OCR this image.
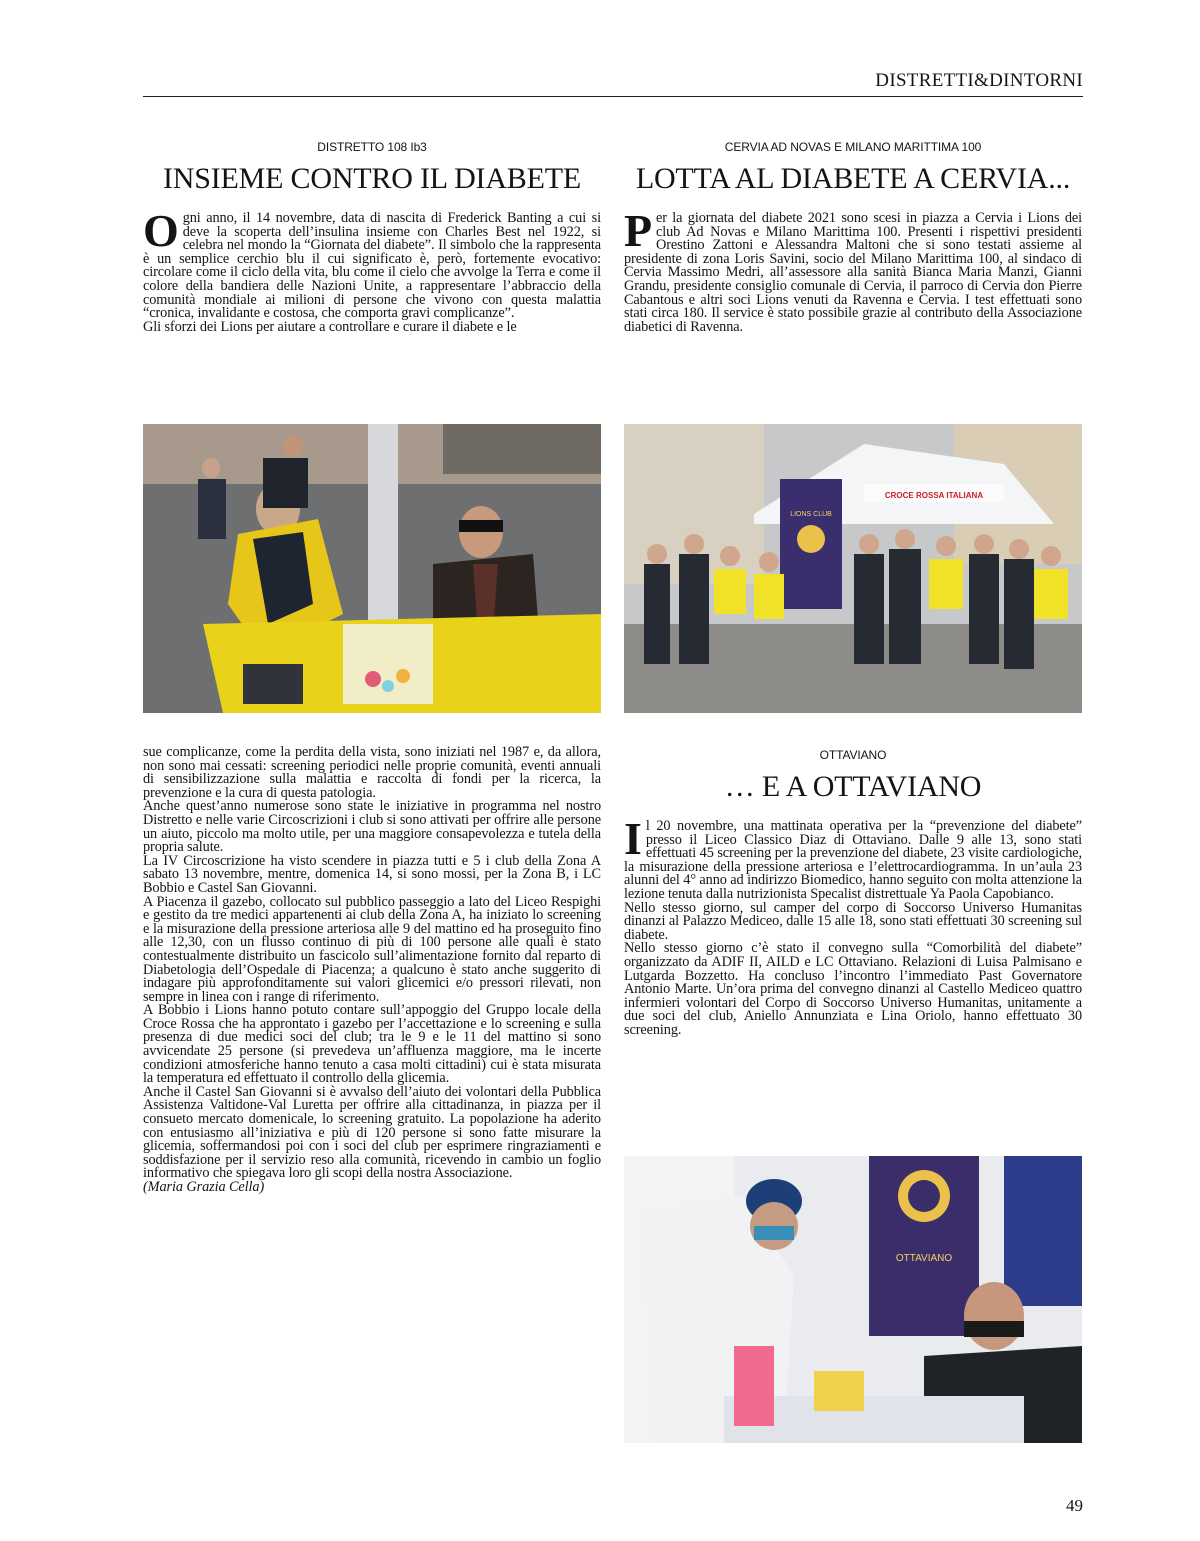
DISTRETTI&DINTORNI
DISTRETTO 108 Ib3
INSIEME CONTRO IL DIABETE

Ogni anno, il 14 novembre, data di nascita di Frederick Banting a cui si deve la scoperta dell’insulina insieme con Charles Best nel 1922, si celebra nel mondo la “Giornata del diabete”. Il simbolo che la rappresenta è un semplice cerchio blu il cui significato è, però, fortemente evocativo: circolare come il ciclo della vita, blu come il cielo che avvolge la Terra e come il colore della bandiera delle Nazioni Unite, a rappresentare l’abbraccio della comunità mondiale ai milioni di persone che vivono con questa malattia “cronica, invalidante e costosa, che comporta gravi complicanze”.

Gli sforzi dei Lions per aiutare a controllare e curare il diabete e le

sue complicanze, come la perdita della vista, sono iniziati nel 1987 e, da allora, non sono mai cessati: screening periodici nelle proprie comunità, eventi annuali di sensibilizzazione sulla malattia e raccolta di fondi per la ricerca, la prevenzione e la cura di questa patologia.

Anche quest’anno numerose sono state le iniziative in programma nel nostro Distretto e nelle varie Circoscrizioni i club si sono attivati per offrire alle persone un aiuto, piccolo ma molto utile, per una maggiore consapevolezza e tutela della propria salute.

La IV Circoscrizione ha visto scendere in piazza tutti e 5 i club della Zona A sabato 13 novembre, mentre, domenica 14, si sono mossi, per la Zona B, i LC Bobbio e Castel San Giovanni.

A Piacenza il gazebo, collocato sul pubblico passeggio a lato del Liceo Respighi e gestito da tre medici appartenenti ai club della Zona A, ha iniziato lo screening e la misurazione della pressione arteriosa alle 9 del mattino ed ha proseguito fino alle 12,30, con un flusso continuo di più di 100 persone alle quali è stato contestualmente distribuito un fascicolo sull’alimentazione fornito dal reparto di Diabetologia dell’Ospedale di Piacenza; a qualcuno è stato anche suggerito di indagare più approfonditamente sui valori glicemici e/o pressori rilevati, non sempre in linea con i range di riferimento.

A Bobbio i Lions hanno potuto contare sull’appoggio del Gruppo locale della Croce Rossa che ha approntato i gazebo per l’accettazione e lo screening e sulla presenza di due medici soci del club; tra le 9 e le 11 del mattino si sono avvicendate 25 persone (si prevedeva un’affluenza maggiore, ma le incerte condizioni atmosferiche hanno tenuto a casa molti cittadini) cui è stata misurata la temperatura ed effettuato il controllo della glicemia.

Anche il Castel San Giovanni si è avvalso dell’aiuto dei volontari della Pubblica Assistenza Valtidone-Val Luretta per offrire alla cittadinanza, in piazza per il consueto mercato domenicale, lo screening gratuito. La popolazione ha aderito con entusiasmo all’iniziativa e più di 120 persone si sono fatte misurare la glicemia, soffermandosi poi con i soci del club per esprimere ringraziamenti e soddisfazione per il servizio reso alla comunità, ricevendo in cambio un foglio informativo che spiegava loro gli scopi della nostra Associazione.

(Maria Grazia Cella)

CERVIA AD NOVAS E MILANO MARITTIMA 100
LOTTA AL DIABETE A CERVIA...

Per la giornata del diabete 2021 sono scesi in piazza a Cervia i Lions dei club Ad Novas e Milano Marittima 100. Presenti i rispettivi presidenti Orestino Zattoni e Alessandra Maltoni che si sono testati assieme al presidente di zona Loris Savini, socio del Milano Marittima 100, al sindaco di Cervia Massimo Medri, all’assessore alla sanità Bianca Maria Manzi, Gianni Grandu, presidente consiglio comunale di Cervia, il parroco di Cervia don Pierre Cabantous e altri soci Lions venuti da Ravenna e Cervia. I test effettuati sono stati circa 180. Il service è stato possibile grazie al contributo della Associazione diabetici di Ravenna.

CROCE ROSSA ITALIANA
LIONS CLUB
OTTAVIANO
… E A OTTAVIANO

Il 20 novembre, una mattinata operativa per la “prevenzione del diabete” presso il Liceo Classico Diaz di Ottaviano. Dalle 9 alle 13, sono stati effettuati 45 screening per la prevenzione del diabete, 23 visite cardiologiche, la misurazione della pressione arteriosa e l’elettrocardiogramma. In un’aula 23 alunni del 4° anno ad indirizzo Biomedico, hanno seguito con molta attenzione la lezione tenuta dalla nutrizionista Specalist distrettuale Ya Paola Capobianco.

Nello stesso giorno, sul camper del corpo di Soccorso Universo Humanitas dinanzi al Palazzo Mediceo, dalle 15 alle 18, sono stati effettuati 30 screening sul diabete.

Nello stesso giorno c’è stato il convegno sulla “Comorbilità del diabete” organizzato da ADIF II, AILD e LC Ottaviano. Relazioni di Luisa Palmisano e Lutgarda Bozzetto. Ha concluso l’incontro l’immediato Past Governatore Antonio Marte. Un’ora prima del convegno dinanzi al Castello Mediceo quattro infermieri volontari del Corpo di Soccorso Universo Humanitas, unitamente a due soci del club, Aniello Annunziata e Lina Oriolo, hanno effettuato 30 screening.

OTTAVIANO
49
